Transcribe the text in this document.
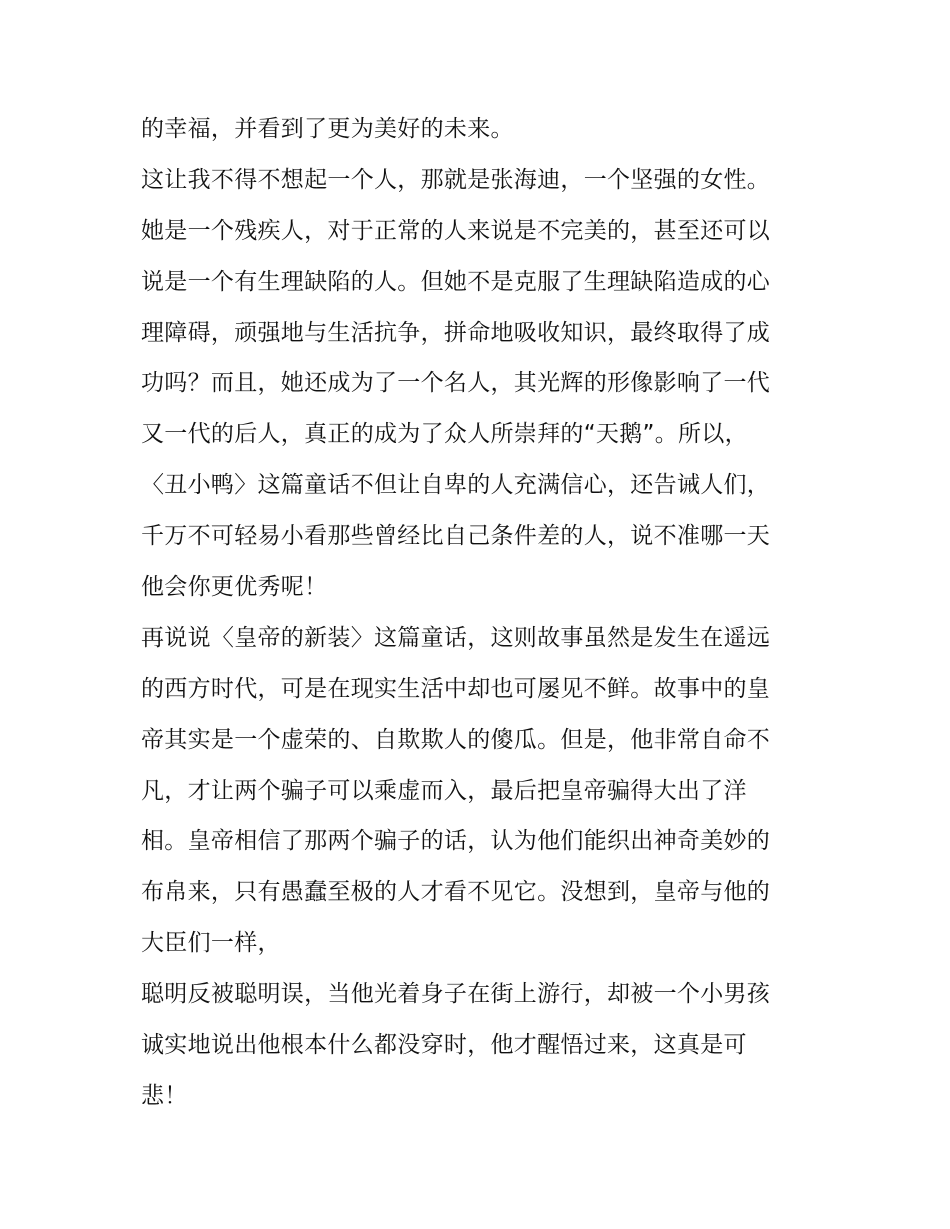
的幸福，并看到了更为美好的未来。
这让我不得不想起一个人，那就是张海迪，一个坚强的女性。
她是一个残疾人，对于正常的人来说是不完美的，甚至还可以
说是一个有生理缺陷的人。但她不是克服了生理缺陷造成的心
理障碍，顽强地与生活抗争，拼命地吸收知识，最终取得了成
功吗？而且，她还成为了一个名人，其光辉的形像影响了一代
又一代的后人，真正的成为了众人所崇拜的“天鹅”。所以，
〈丑小鸭〉这篇童话不但让自卑的人充满信心，还告诫人们，
千万不可轻易小看那些曾经比自己条件差的人，说不准哪一天
他会你更优秀呢！
再说说〈皇帝的新装〉这篇童话，这则故事虽然是发生在遥远
的西方时代，可是在现实生活中却也可屡见不鲜。故事中的皇
帝其实是一个虚荣的、自欺欺人的傻瓜。但是，他非常自命不
凡，才让两个骗子可以乘虚而入，最后把皇帝骗得大出了洋
相。皇帝相信了那两个骗子的话，认为他们能织出神奇美妙的
布帛来，只有愚蠢至极的人才看不见它。没想到，皇帝与他的
大臣们一样，
聪明反被聪明误，当他光着身子在街上游行，却被一个小男孩
诚实地说出他根本什么都没穿时，他才醒悟过来，这真是可
悲！
